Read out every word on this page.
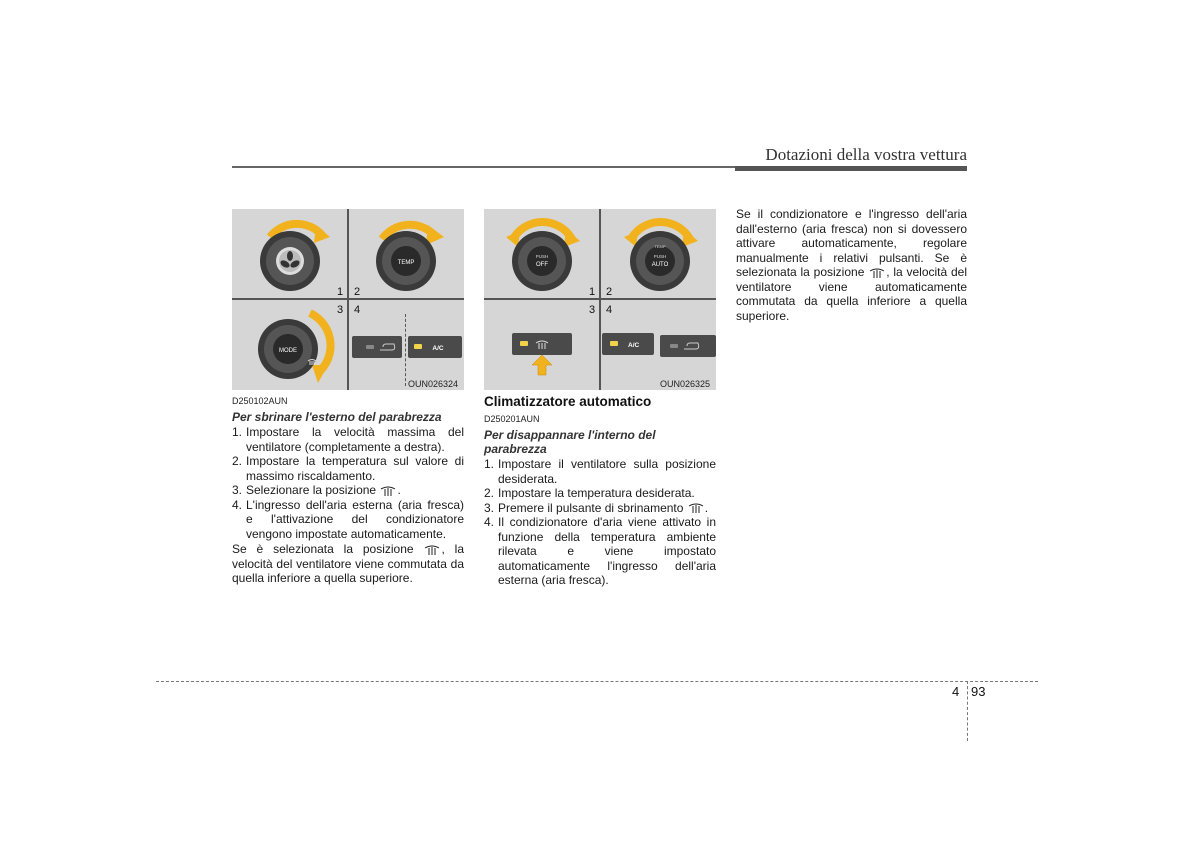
Dotazioni della vostra vettura
TEMP
MODE	A/C
1 2
3 4
OUN026324
PUSH
OFF
TEMP
PUSH
AUTO
A/C
1 2
3 4
OUN026325
D250102AUN
Per sbrinare l'esterno del parabrezza
1. Impostare la velocità massima del ventilatore (completamente a destra).
2. Impostare la temperatura sul valore di massimo riscaldamento.
3. Selezionare la posizione .
4. L'ingresso dell'aria esterna (aria fresca) e l'attivazione del condizionatore vengono impostate automaticamente.
Se è selezionata la posizione , la velocità del ventilatore viene commutata da quella inferiore a quella superiore.
Climatizzatore automatico
D250201AUN
Per disappannare l'interno del parabrezza
1. Impostare il ventilatore sulla posizione desiderata.
2. Impostare la temperatura desiderata.
3. Premere il pulsante di sbrinamento .
4. Il condizionatore d'aria viene attivato in funzione della temperatura ambiente rilevata e viene impostato automaticamente l'ingresso dell'aria esterna (aria fresca).
Se il condizionatore e l'ingresso dell'aria dall'esterno (aria fresca) non si dovessero attivare automaticamente, regolare manualmente i relativi pulsanti. Se è selezionata la posizione , la velocità del ventilatore viene automaticamente commutata da quella inferiore a quella superiore.
4 93
